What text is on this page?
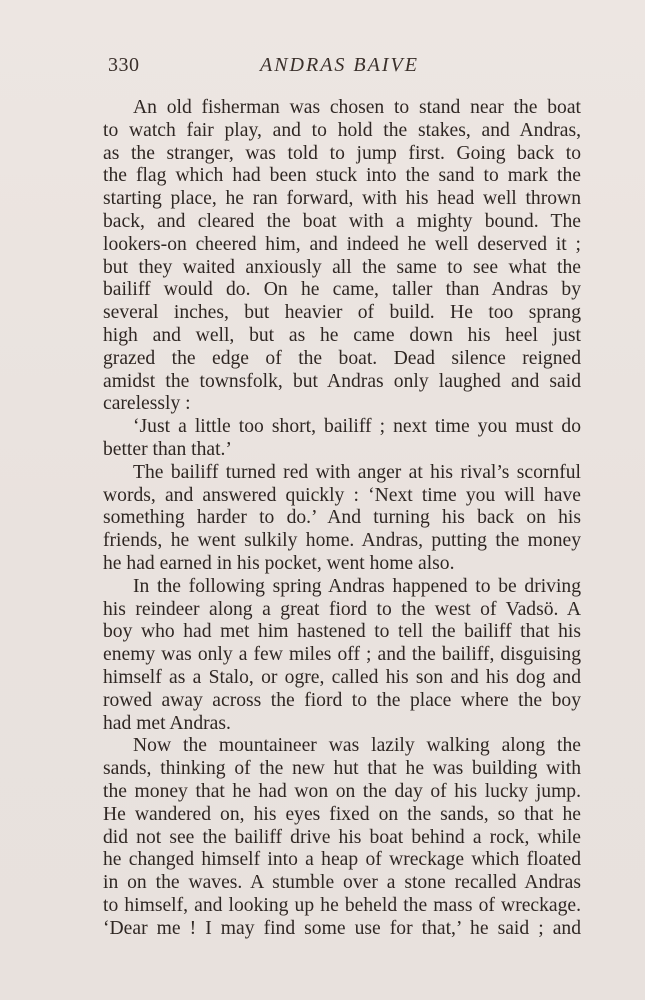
330	ANDRAS BAIVE
An old fisherman was chosen to stand near the boat
to watch fair play, and to hold the stakes, and Andras,
as the stranger, was told to jump first. Going back to
the flag which had been stuck into the sand to mark the
starting place, he ran forward, with his head well thrown
back, and cleared the boat with a mighty bound. The
lookers-on cheered him, and indeed he well deserved it ;
but they waited anxiously all the same to see what the
bailiff would do. On he came, taller than Andras by
several inches, but heavier of build. He too sprang
high and well, but as he came down his heel just
grazed the edge of the boat. Dead silence reigned
amidst the townsfolk, but Andras only laughed and said
carelessly :
‘Just a little too short, bailiff ; next time you must do
better than that.’
The bailiff turned red with anger at his rival’s scornful
words, and answered quickly : ‘Next time you will have
something harder to do.’ And turning his back on his
friends, he went sulkily home. Andras, putting the money
he had earned in his pocket, went home also.
In the following spring Andras happened to be driving
his reindeer along a great fiord to the west of Vadsö. A
boy who had met him hastened to tell the bailiff that his
enemy was only a few miles off ; and the bailiff, disguising
himself as a Stalo, or ogre, called his son and his dog and
rowed away across the fiord to the place where the boy
had met Andras.
Now the mountaineer was lazily walking along the
sands, thinking of the new hut that he was building with
the money that he had won on the day of his lucky jump.
He wandered on, his eyes fixed on the sands, so that he
did not see the bailiff drive his boat behind a rock, while
he changed himself into a heap of wreckage which floated
in on the waves. A stumble over a stone recalled Andras
to himself, and looking up he beheld the mass of wreckage.
‘Dear me ! I may find some use for that,’ he said ; and
